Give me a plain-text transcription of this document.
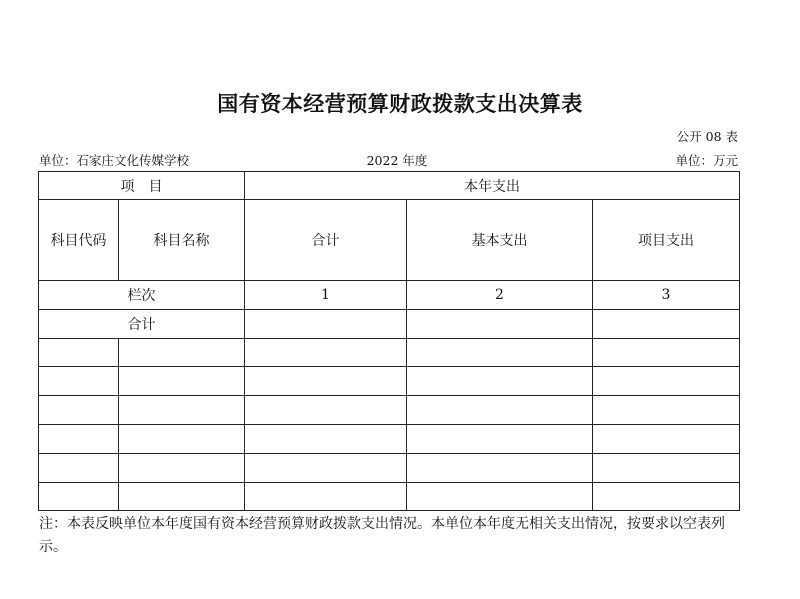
国有资本经营预算财政拨款支出决算表
公开 08 表
单位：石家庄文化传媒学校	2022 年度	单位：万元
项　目		本年支出		
科目代码	科目名称	合计	基本支出	项目支出
栏次		1	2	3
合计				

注：本表反映单位本年度国有资本经营预算财政拨款支出情况。本单位本年度无相关支出情况，按要求以空表列示。
